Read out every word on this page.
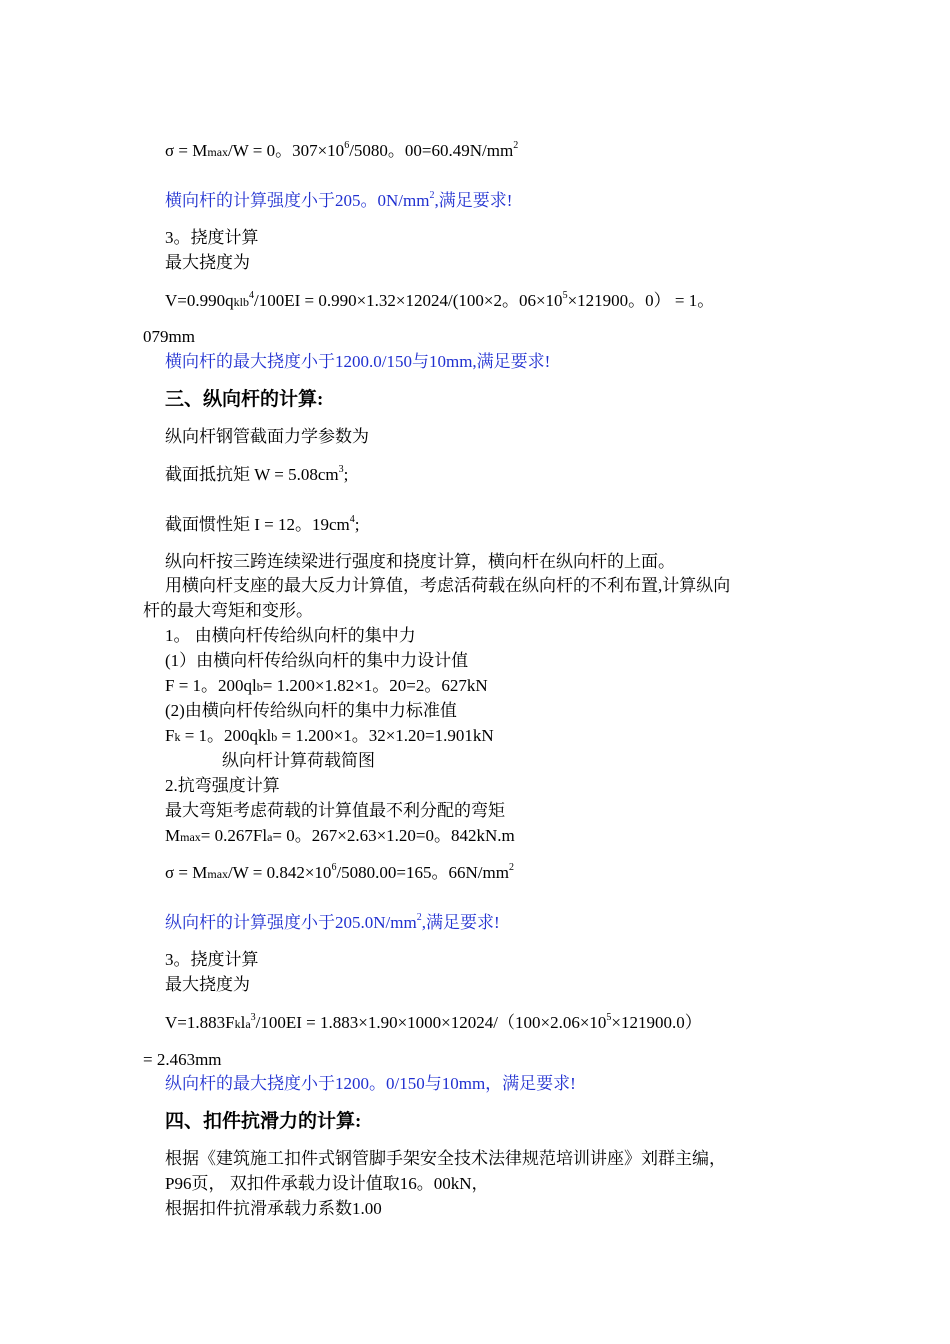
σ = Mmax/W = 0。$307\times 10^6/5080$。$00=60.49N/mm^2$
横向杆的计算强度小于205。$0N/mm^2$,满足要求!
3。挠度计算
最大挠度为
V=0.990qklb$^4$/100EI = 0.990×1.32×12024/(100×2。$06\times 10^5\times 121900$。0） = 1。
079mm
横向杆的最大挠度小于1200.0/150与10mm,满足要求!
三、纵向杆的计算:
纵向杆钢管截面力学参数为
截面抵抗矩 $W = 5.08cm^3$;
截面惯性矩 I = 12。$19cm^4$;
纵向杆按三跨连续梁进行强度和挠度计算，横向杆在纵向杆的上面。
用横向杆支座的最大反力计算值，考虑活荷载在纵向杆的不利布置,计算纵向
杆的最大弯矩和变形。
1。 由横向杆传给纵向杆的集中力
(1）由横向杆传给纵向杆的集中力设计值
F = 1。200qlb= 1.200×1.82×1。20=2。627kN
(2)由横向杆传给纵向杆的集中力标准值
Fk = 1。200qklb = 1.200×1。32×1.20=1.901kN
纵向杆计算荷载简图
2.抗弯强度计算
最大弯矩考虑荷载的计算值最不利分配的弯矩
Mmax= 0.267Fla= 0。267×2.63×1.20=0。842kN.m
$\sigma = Mmax/W = 0.842\times 10^6/5080.00=165$。$66N/mm^2$
纵向杆的计算强度小于$205.0N/mm^2$,满足要求!
3。挠度计算
最大挠度为
V=1.883Fkla$^3$/100EI = $1.883\times 1.90\times 1000\times 12024/(100\times 2.06\times 10^5\times 121900.0)$
= 2.463mm
纵向杆的最大挠度小于1200。0/150与10mm，满足要求!
四、扣件抗滑力的计算:
根据《建筑施工扣件式钢管脚手架安全技术法律规范培训讲座》刘群主编，
P96页， 双扣件承载力设计值取16。00kN，
根据扣件抗滑承载力系数1.00
